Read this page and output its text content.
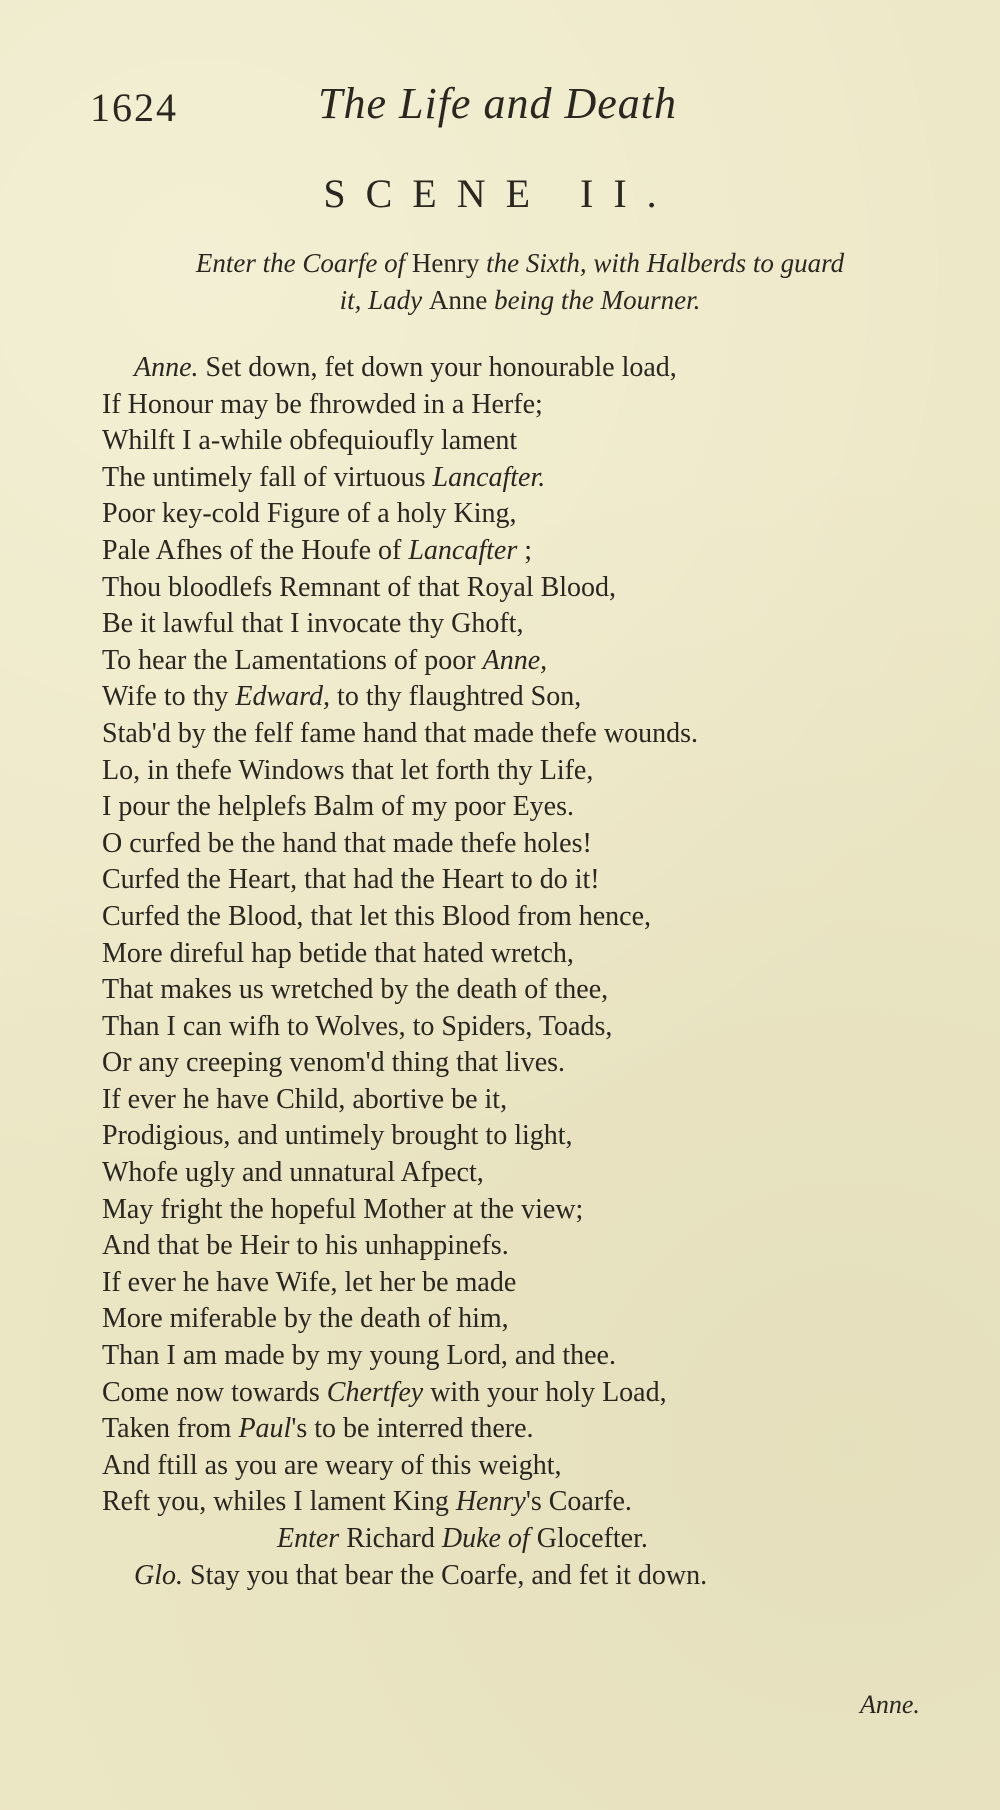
1624	The Life and Death
SCENE II.
Enter the Coarfe of Henry the Sixth, with Halberds to guard
it, Lady Anne being the Mourner.
Anne. Set down, fet down your honourable load,
If Honour may be fhrowded in a Herfe;
Whilft I a-while obfequioufly lament
The untimely fall of virtuous Lancafter.
Poor key-cold Figure of a holy King,
Pale Afhes of the Houfe of Lancafter ;
Thou bloodlefs Remnant of that Royal Blood,
Be it lawful that I invocate thy Ghoft,
To hear the Lamentations of poor Anne,
Wife to thy Edward, to thy flaughtred Son,
Stab'd by the felf fame hand that made thefe wounds.
Lo, in thefe Windows that let forth thy Life,
I pour the helplefs Balm of my poor Eyes.
O curfed be the hand that made thefe holes!
Curfed the Heart, that had the Heart to do it!
Curfed the Blood, that let this Blood from hence,
More direful hap betide that hated wretch,
That makes us wretched by the death of thee,
Than I can wifh to Wolves, to Spiders, Toads,
Or any creeping venom'd thing that lives.
If ever he have Child, abortive be it,
Prodigious, and untimely brought to light,
Whofe ugly and unnatural Afpect,
May fright the hopeful Mother at the view;
And that be Heir to his unhappinefs.
If ever he have Wife, let her be made
More miferable by the death of him,
Than I am made by my young Lord, and thee.
Come now towards Chertfey with your holy Load,
Taken from Paul's to be interred there.
And ftill as you are weary of this weight,
Reft you, whiles I lament King Henry's Coarfe.
Enter Richard Duke of Glocefter.
Glo. Stay you that bear the Coarfe, and fet it down.
Anne.
